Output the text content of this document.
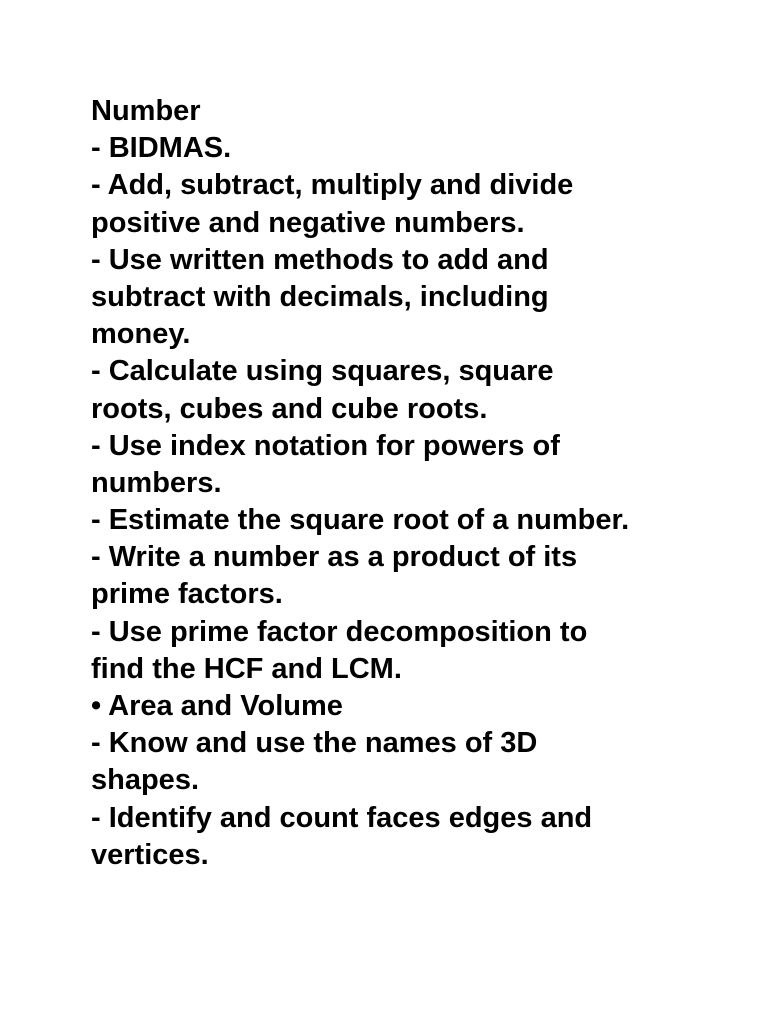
Number
- BIDMAS.
- Add, subtract, multiply and divide
positive and negative numbers.
- Use written methods to add and
subtract with decimals, including
money.
- Calculate using squares, square
roots, cubes and cube roots.
- Use index notation for powers of
numbers.
- Estimate the square root of a number.
- Write a number as a product of its
prime factors.
- Use prime factor decomposition to
find the HCF and LCM.
• Area and Volume
- Know and use the names of 3D
shapes.
- Identify and count faces edges and
vertices.
